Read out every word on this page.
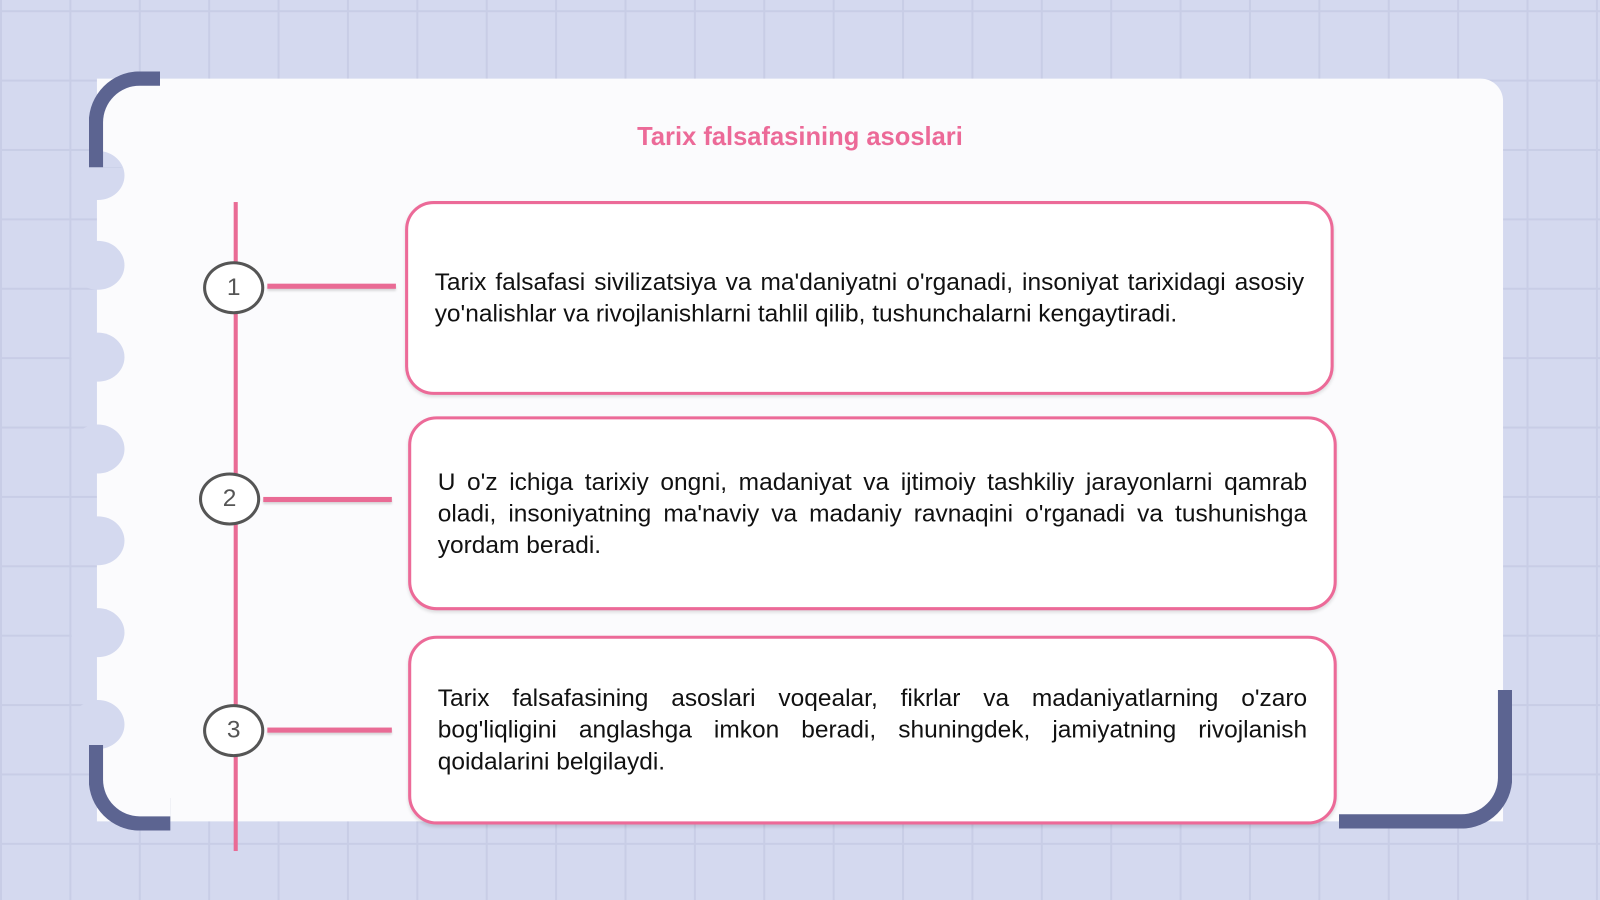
Tarix falsafasining asoslari
1	Tarix falsafasi sivilizatsiya va ma'daniyatni o'rganadi, insoniyat tarixidagi asosiy yo'nalishlar va rivojlanishlarni tahlil qilib, tushunchalarni kengaytiradi.

2

U o'z ichiga tarixiy ongni, madaniyat va ijtimoiy tashkiliy jarayonlarni qamrab oladi, insoniyatning ma'naviy va madaniy ravnaqini o'rganadi va tushunishga yordam beradi.

3

Tarix falsafasining asoslari voqealar, fikrlar va madaniyatlarning o'zaro bog'liqligini anglashga imkon beradi, shuningdek, jamiyatning rivojlanish qoidalarini belgilaydi.
